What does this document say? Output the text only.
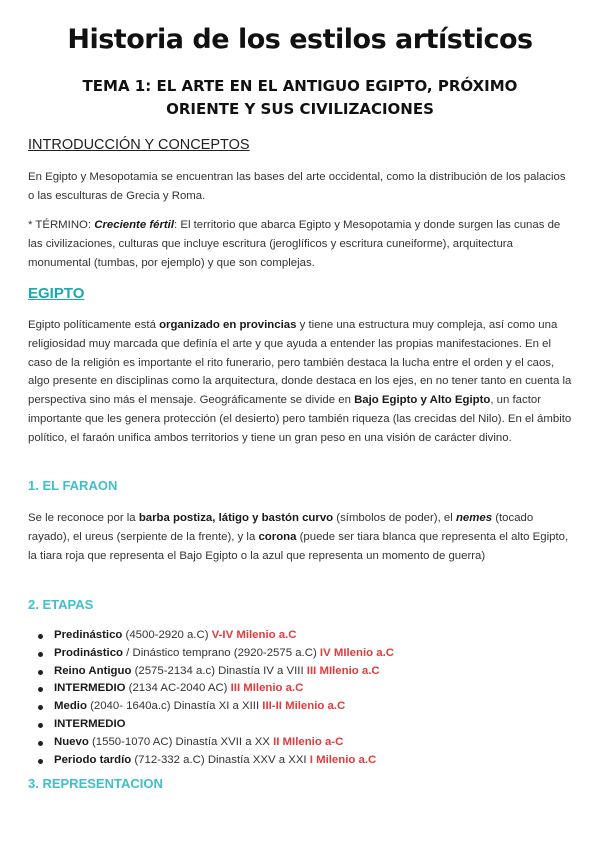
Historia de los estilos artísticos
TEMA 1: EL ARTE EN EL ANTIGUO EGIPTO, PRÓXIMO ORIENTE Y SUS CIVILIZACIONES
INTRODUCCIÓN Y CONCEPTOS
En Egipto y Mesopotamia se encuentran las bases del arte occidental, como la distribución de los palacios o las esculturas de Grecia y Roma.
* TÉRMINO: Creciente fértil: El territorio que abarca Egipto y Mesopotamia y donde surgen las cunas de las civilizaciones, culturas que incluye escritura (jeroglíficos y escritura cuneiforme), arquitectura monumental (tumbas, por ejemplo) y que son complejas.
EGIPTO
Egipto políticamente está organizado en provincias y tiene una estructura muy compleja, así como una religiosidad muy marcada que definía el arte y que ayuda a entender las propias manifestaciones. En el caso de la religión es importante el rito funerario, pero también destaca la lucha entre el orden y el caos, algo presente en disciplinas como la arquitectura, donde destaca en los ejes, en no tener tanto en cuenta la perspectiva sino más el mensaje. Geográficamente se divide en Bajo Egipto y Alto Egipto, un factor importante que les genera protección (el desierto) pero también riqueza (las crecidas del Nilo). En el ámbito político, el faraón unifica ambos territorios y tiene un gran peso en una visión de carácter divino.
1. EL FARAON
Se le reconoce por la barba postiza, látigo y bastón curvo (símbolos de poder), el nemes (tocado rayado), el ureus (serpiente de la frente), y la corona (puede ser tiara blanca que representa el alto Egipto, la tiara roja que representa el Bajo Egipto o la azul que representa un momento de guerra)
2. ETAPAS
Predinástico (4500-2920 a.C) V-IV Milenio a.C
Prodinástico / Dinástico temprano (2920-2575 a.C) IV MIlenio a.C
Reino Antiguo (2575-2134 a.c) Dinastía IV a VIII III MIlenio a.C
INTERMEDIO (2134 AC-2040 AC) III MIlenio a.C
Medio (2040- 1640a.c) Dinastía XI a XIII III-II Milenio a.C
INTERMEDIO
Nuevo (1550-1070 AC) Dinastía XVII a XX II MIlenio a-C
Periodo tardío (712-332 a.C) Dinastía XXV a XXI I Milenio a.C
3. REPRESENTACION
